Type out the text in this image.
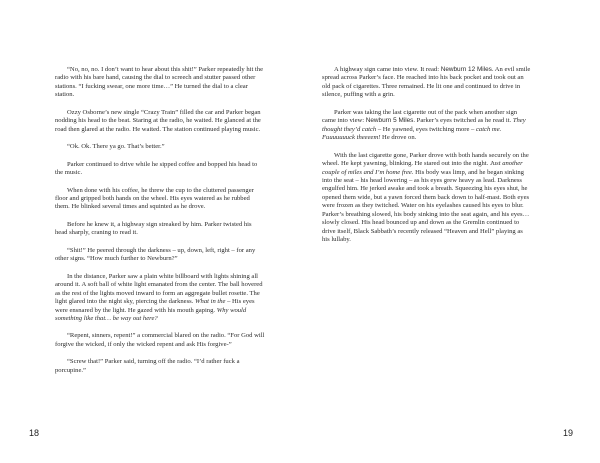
“No, no, no. I don’t want to hear about this shit!” Parker repeatedly hit the radio with his bare hand, causing the dial to screech and stutter passed other stations. “I fucking swear, one more time…” He turned the dial to a clear station.

Ozzy Osborne’s new single “Crazy Train” filled the car and Parker began nodding his head to the beat. Staring at the radio, he waited. He glanced at the road then glared at the radio. He waited. The station continued playing music.

“Ok. Ok. There ya go. That’s better.”

Parker continued to drive while he sipped coffee and bopped his head to the music.

When done with his coffee, he threw the cup to the cluttered passenger floor and gripped both hands on the wheel. His eyes watered as he rubbed them. He blinked several times and squinted as he drove.

Before he knew it, a highway sign streaked by him. Parker twisted his head sharply, craning to read it.

“Shit!” He peered through the darkness – up, down, left, right – for any other signs. “How much further to Newburn?”

In the distance, Parker saw a plain white billboard with lights shining all around it. A soft ball of white light emanated from the center. The ball hovered as the rest of the lights moved inward to form an aggregate bullet rosette. The light glared into the night sky, piercing the darkness. What in the – His eyes were ensnared by the light. He gazed with his mouth gaping. Why would something like that… be way out here?

“Repent, sinners, repent!” a commercial blared on the radio. “For God will forgive the wicked, if only the wicked repent and ask His forgive-”

“Screw that!” Parker said, turning off the radio. “I’d rather fuck a porcupine.”

18

A highway sign came into view. It read: Newburn 12 Miles. An evil smile spread across Parker’s face. He reached into his back pocket and took out an old pack of cigarettes. Three remained. He lit one and continued to drive in silence, puffing with a grin.

Parker was taking the last cigarette out of the pack when another sign came into view: Newburn 5 Miles. Parker’s eyes twitched as he read it. They thought they’d catch – He yawned, eyes twitching more – catch me. Fuuuuuuuck theeeem! He drove on.

With the last cigarette gone, Parker drove with both hands securely on the wheel. He kept yawning, blinking. He stared out into the night. Just another couple of miles and I’m home free. His body was limp, and he began sinking into the seat – his head lowering – as his eyes grew heavy as lead. Darkness engulfed him. He jerked awake and took a breath. Squeezing his eyes shut, he opened them wide, but a yawn forced them back down to half-mast. Both eyes were frozen as they twitched. Water on his eyelashes caused his eyes to blur. Parker’s breathing slowed, his body sinking into the seat again, and his eyes… slowly closed. His head bounced up and down as the Gremlin continued to drive itself, Black Sabbath’s recently released “Heaven and Hell” playing as his lullaby.

19
